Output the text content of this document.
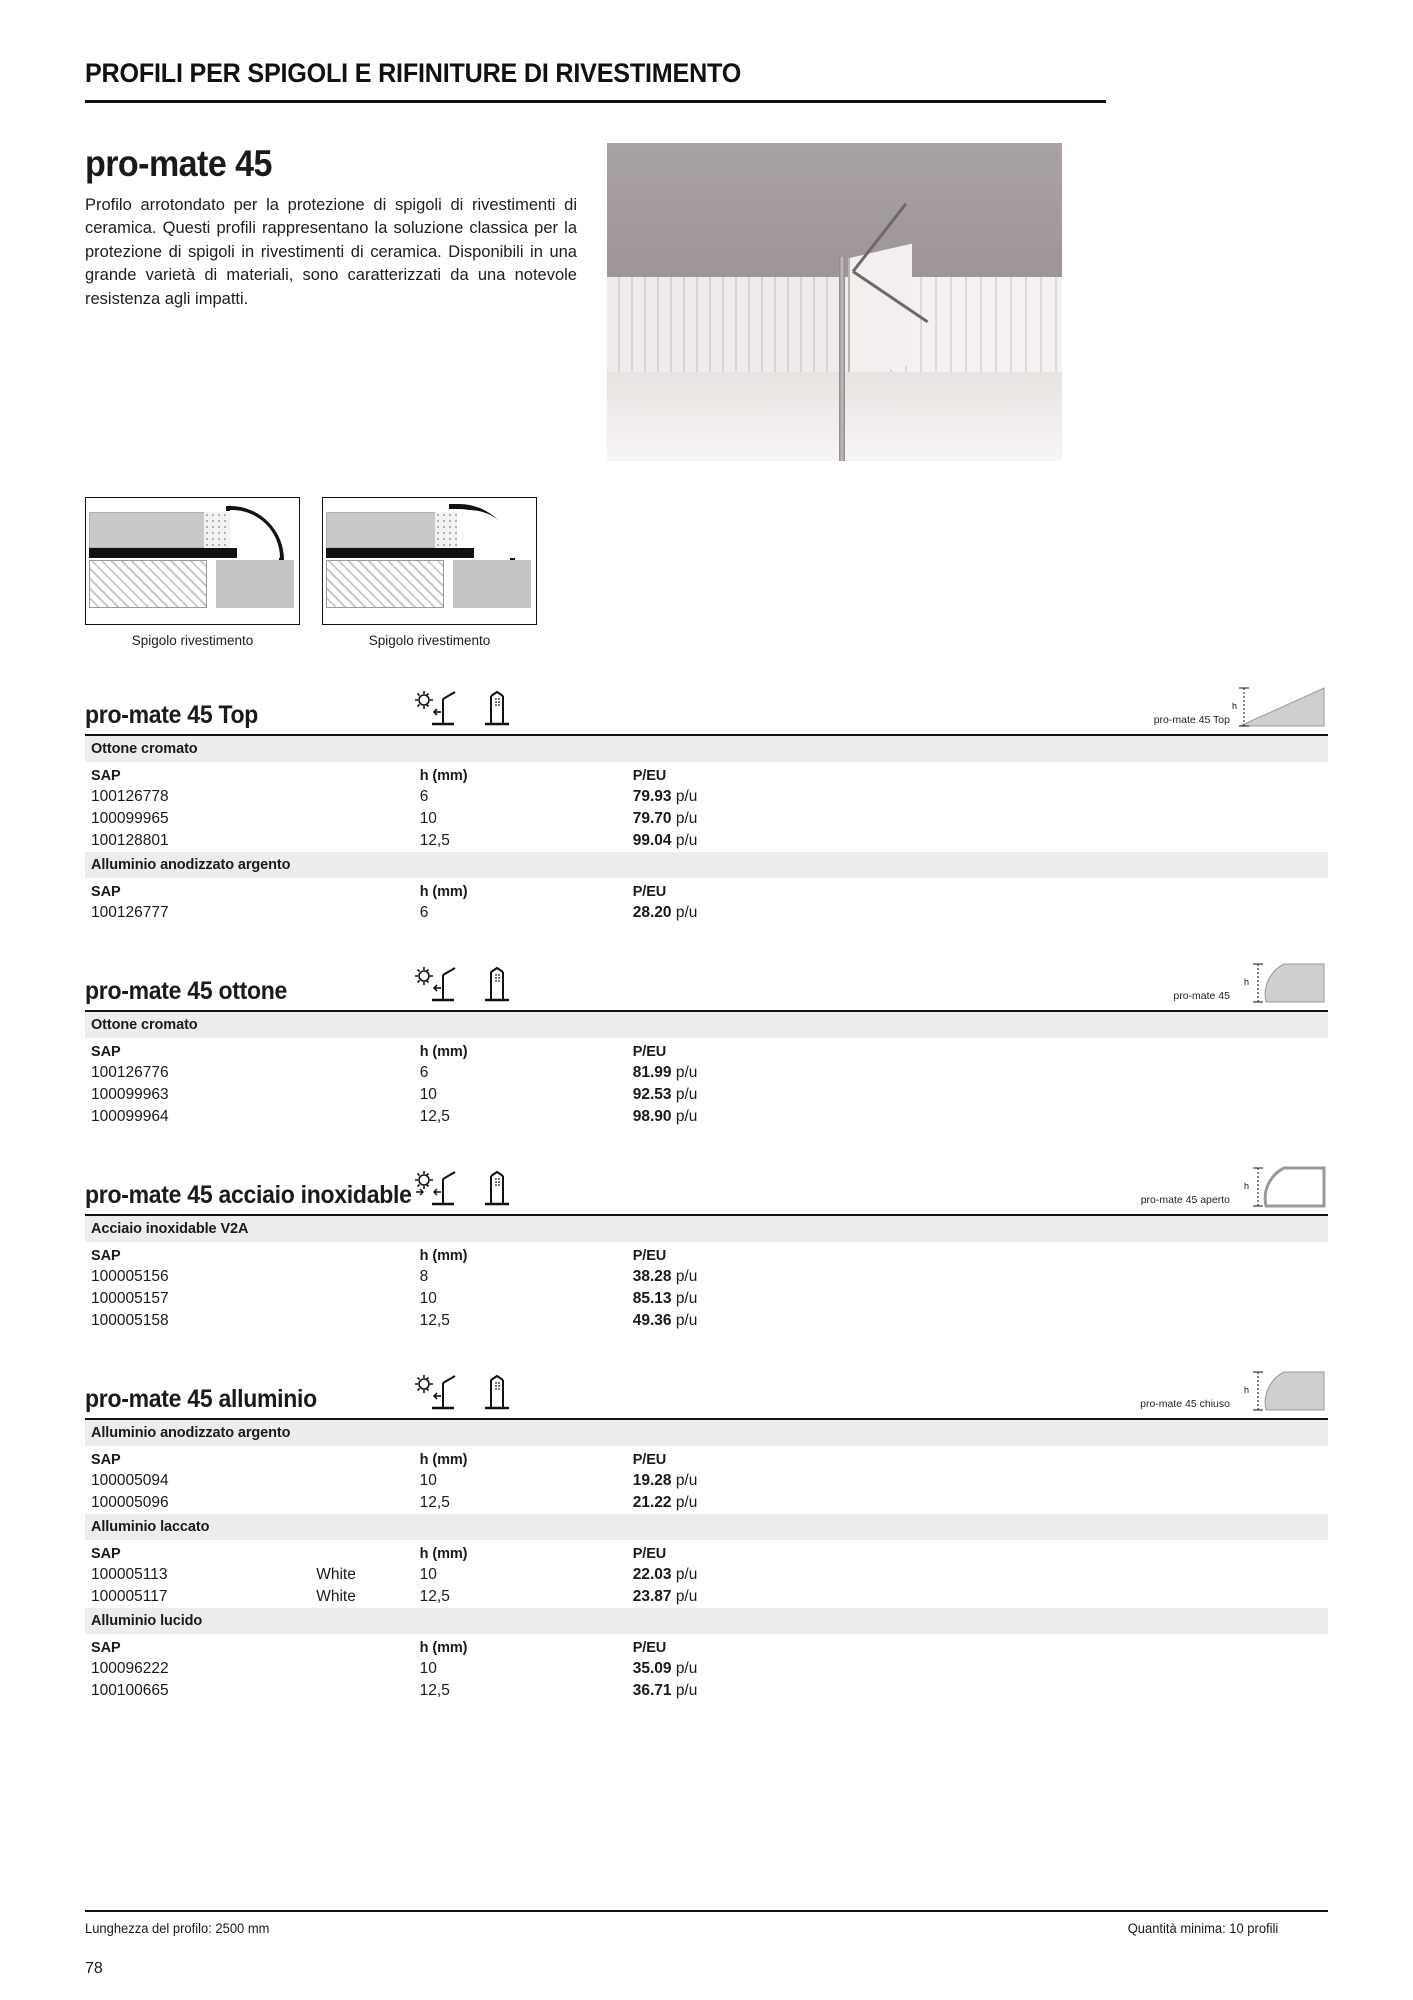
PROFILI PER SPIGOLI E RIFINITURE DI RIVESTIMENTO
pro-mate 45
Profilo arrotondato per la protezione di spigoli di rivestimenti di ceramica. Questi profili rappresentano la soluzione classica per la protezione di spigoli in rivestimenti di ceramica. Disponibili in una grande varietà di materiali, sono caratterizzati da una notevole resistenza agli impatti.
Spigolo rivestimento	Spigolo rivestimento
pro-mate 45 Top	pro-mate 45 Top
h
Ottone cromato			
SAP		h (mm)	P/EU
100126778		6	79.93 p/u
100099965		10	79.70 p/u
100128801		12,5	99.04 p/u
Alluminio anodizzato argento			
SAP		h (mm)	P/EU
100126777		6	28.20 p/u
pro-mate 45 ottone	pro-mate 45
h
Ottone cromato			
SAP		h (mm)	P/EU
100126776		6	81.99 p/u
100099963		10	92.53 p/u
100099964		12,5	98.90 p/u
pro-mate 45 acciaio inoxidable	pro-mate 45 aperto
h
Acciaio inoxidable V2A			
SAP		h (mm)	P/EU
100005156		8	38.28 p/u
100005157		10	85.13 p/u
100005158		12,5	49.36 p/u
pro-mate 45 alluminio	pro-mate 45 chiuso
h
Alluminio anodizzato argento			
SAP		h (mm)	P/EU
100005094		10	19.28 p/u
100005096		12,5	21.22 p/u
Alluminio laccato			
SAP		h (mm)	P/EU
100005113	White	10	22.03 p/u
100005117	White	12,5	23.87 p/u
Alluminio lucido			
SAP		h (mm)	P/EU
100096222		10	35.09 p/u
100100665		12,5	36.71 p/u
Lunghezza del profilo: 2500 mm	Quantità minima: 10 profili
78
